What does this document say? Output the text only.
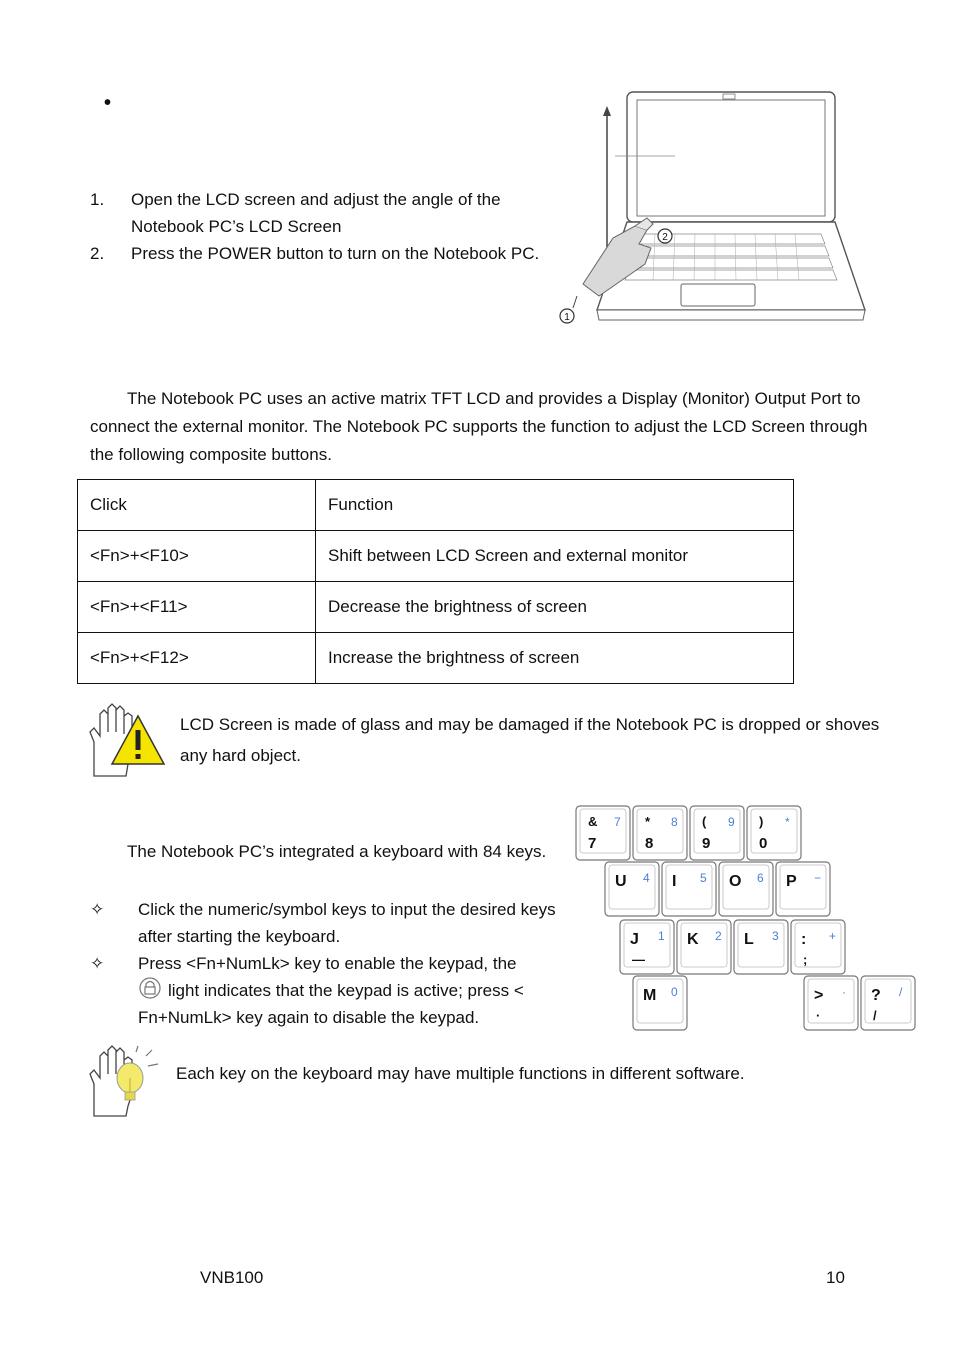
•
1.	Open the LCD screen and adjust the angle of the Notebook PC’s LCD Screen
2.	Press the POWER button to turn on the Notebook PC.
2
1
The Notebook PC uses an active matrix TFT LCD and provides a Display (Monitor) Output Port to connect the external monitor. The Notebook PC supports the function to adjust the LCD Screen through the following composite buttons.
Click	Function
<Fn>+<F10>	Shift between LCD Screen and external monitor
<Fn>+<F11>	Decrease the brightness of screen
<Fn>+<F12>	Increase the brightness of screen
LCD Screen is made of glass and may be damaged if the Notebook PC is dropped or shoves any hard object.
The Notebook PC’s integrated a keyboard with 84 keys.
✧	Click the numeric/symbol keys to input the desired keys after starting the keyboard.
✧	Press <Fn+NumLk> key to enable the keypad, the
light indicates that the keypad is active; press < Fn+NumLk> key again to disable the keypad.
&
7
7 *
8
8 (
9
9 )
0
*
U 4 I 5 O 6 P −
J 1
—
K 2 L 3 : +
;
M 0	> ·
·
? /
/
Each key on the keyboard may have multiple functions in different software.
VNB100	10
